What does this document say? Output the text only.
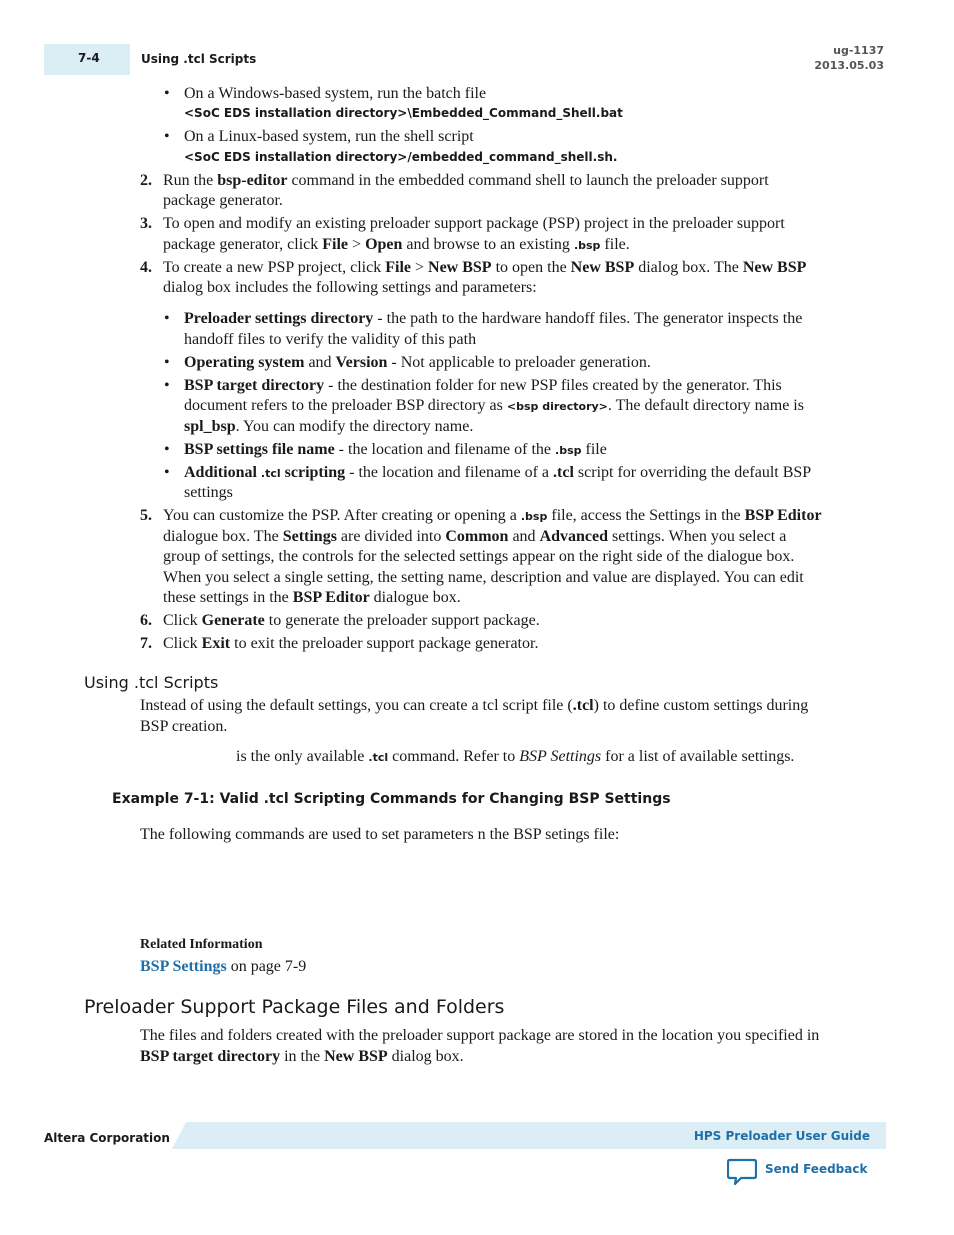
7-4	Using .tcl Scripts
ug-1137
2013.05.03
• On a Windows-based system, run the batch file
<SoC EDS installation directory>\Embedded_Command_Shell.bat
• On a Linux-based system, run the shell script
<SoC EDS installation directory>/embedded_command_shell.sh.
2. Run the bsp-editor command in the embedded command shell to launch the preloader support
package generator.
3. To open and modify an existing preloader support package (PSP) project in the preloader support
package generator, click File > Open and browse to an existing .bsp file.
4. To create a new PSP project, click File > New BSP to open the New BSP dialog box. The New BSP
dialog box includes the following settings and parameters:
• Preloader settings directory - the path to the hardware handoff files. The generator inspects the
handoff files to verify the validity of this path
• Operating system and Version - Not applicable to preloader generation.
• BSP target directory - the destination folder for new PSP files created by the generator. This
document refers to the preloader BSP directory as <bsp directory>. The default directory name is
spl_bsp. You can modify the directory name.
• BSP settings file name - the location and filename of the .bsp file
• Additional .tcl scripting - the location and filename of a .tcl script for overriding the default BSP
settings
5. You can customize the PSP. After creating or opening a .bsp file, access the Settings in the BSP Editor
dialogue box. The Settings are divided into Common and Advanced settings. When you select a
group of settings, the controls for the selected settings appear on the right side of the dialogue box.
When you select a single setting, the setting name, description and value are displayed. You can edit
these settings in the BSP Editor dialogue box.
6. Click Generate to generate the preloader support package.
7. Click Exit to exit the preloader support package generator.
Using .tcl Scripts
Instead of using the default settings, you can create a tcl script file (.tcl) to define custom settings during
BSP creation.
is the only available .tcl command. Refer to BSP Settings for a list of available settings.
Example 7-1: Valid .tcl Scripting Commands for Changing BSP Settings
The following commands are used to set parameters n the BSP setings file:
Related Information
BSP Settings on page 7-9
Preloader Support Package Files and Folders
The files and folders created with the preloader support package are stored in the location you specified in
BSP target directory in the New BSP dialog box.
Altera Corporation	HPS Preloader User Guide
Send Feedback
